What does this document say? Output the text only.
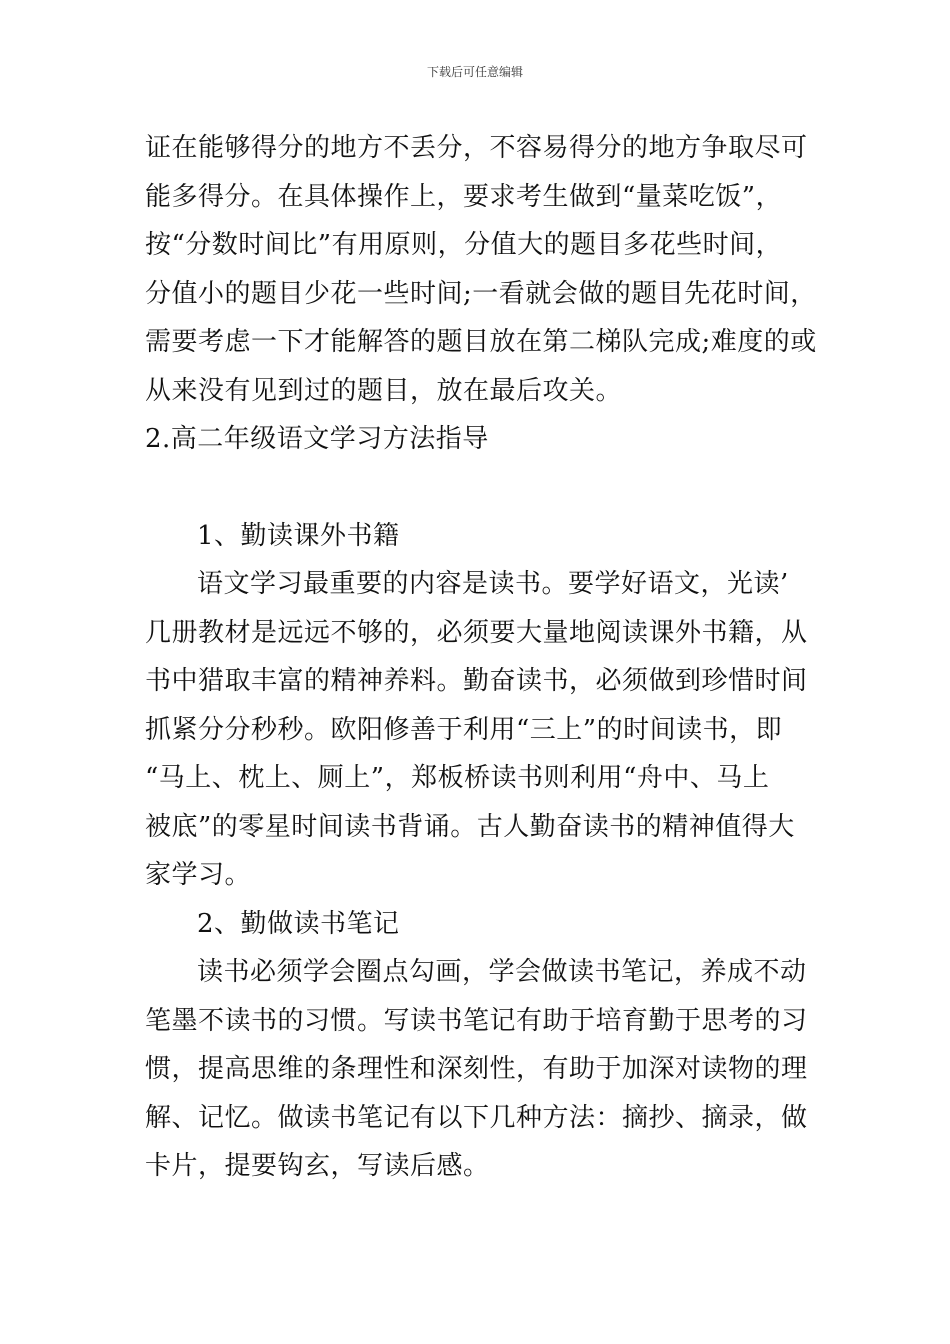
下载后可任意编辑
证在能够得分的地方不丢分，不容易得分的地方争取尽可
能多得分。在具体操作上，要求考生做到“量菜吃饭”，
按“分数时间比”有用原则，分值大的题目多花些时间，
分值小的题目少花一些时间;一看就会做的题目先花时间，
需要考虑一下才能解答的题目放在第二梯队完成;难度的或
从来没有见到过的题目，放在最后攻关。
2.高二年级语文学习方法指导
1、勤读课外书籍
语文学习最重要的内容是读书。要学好语文，光读’
几册教材是远远不够的，必须要大量地阅读课外书籍，从
书中猎取丰富的精神养料。勤奋读书，必须做到珍惜时间
抓紧分分秒秒。欧阳修善于利用“三上”的时间读书，即
“马上、枕上、厕上”，郑板桥读书则利用“舟中、马上
被底”的零星时间读书背诵。古人勤奋读书的精神值得大
家学习。
2、勤做读书笔记
读书必须学会圈点勾画，学会做读书笔记，养成不动
笔墨不读书的习惯。写读书笔记有助于培育勤于思考的习
惯，提高思维的条理性和深刻性，有助于加深对读物的理
解、记忆。做读书笔记有以下几种方法：摘抄、摘录，做
卡片，提要钩玄，写读后感。
